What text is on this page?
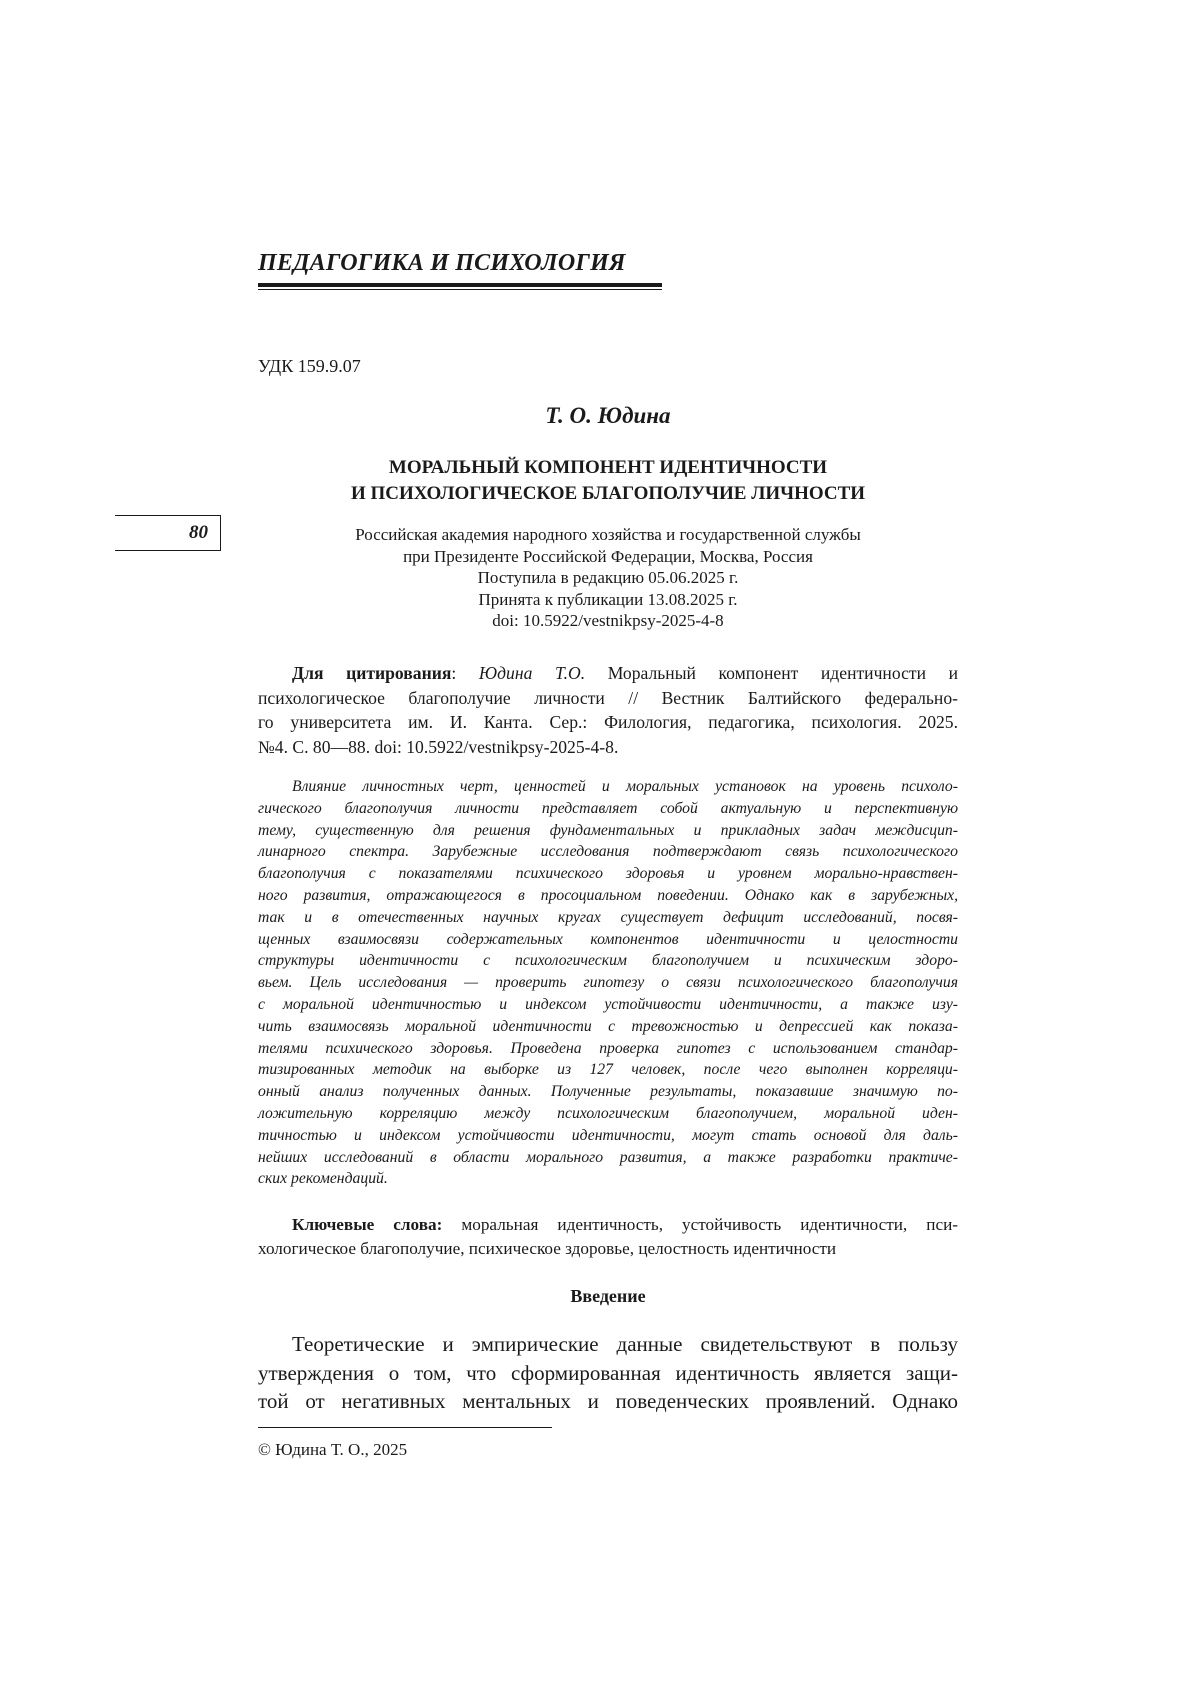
ПЕДАГОГИКА И ПСИХОЛОГИЯ
УДК 159.9.07
Т. О. Юдина
МОРАЛЬНЫЙ КОМПОНЕНТ ИДЕНТИЧНОСТИ
И ПСИХОЛОГИЧЕСКОЕ БЛАГОПОЛУЧИЕ ЛИЧНОСТИ
80	Российская академия народного хозяйства и государственной службы
при Президенте Российской Федерации, Москва, Россия
Поступила в редакцию 05.06.2025 г.
Принята к публикации 13.08.2025 г.
doi: 10.5922/vestnikpsy-2025-4-8
Для цитирования: Юдина Т.О. Моральный компонент идентичности и
психологическое благополучие личности // Вестник Балтийского федерально-
го университета им. И. Канта. Сер.: Филология, педагогика, психология. 2025.
№4. С. 80—88. doi: 10.5922/vestnikpsy-2025-4-8.
Влияние личностных черт, ценностей и моральных установок на уровень психоло-
гического благополучия личности представляет собой актуальную и перспективную
тему, существенную для решения фундаментальных и прикладных задач междисцип-
линарного спектра. Зарубежные исследования подтверждают связь психологического
благополучия с показателями психического здоровья и уровнем морально-нравствен-
ного развития, отражающегося в просоциальном поведении. Однако как в зарубежных,
так и в отечественных научных кругах существует дефицит исследований, посвя-
щенных взаимосвязи содержательных компонентов идентичности и целостности
структуры идентичности с психологическим благополучием и психическим здоро-
вьем. Цель исследования — проверить гипотезу о связи психологического благополучия
с моральной идентичностью и индексом устойчивости идентичности, а также изу-
чить взаимосвязь моральной идентичности с тревожностью и депрессией как показа-
телями психического здоровья. Проведена проверка гипотез с использованием стандар-
тизированных методик на выборке из 127 человек, после чего выполнен корреляци-
онный анализ полученных данных. Полученные результаты, показавшие значимую по-
ложительную корреляцию между психологическим благополучием, моральной иден-
тичностью и индексом устойчивости идентичности, могут стать основой для даль-
нейших исследований в области морального развития, а также разработки практиче-
ских рекомендаций.
Ключевые слова: моральная идентичность, устойчивость идентичности, пси-
хологическое благополучие, психическое здоровье, целостность идентичности
Введение
Теоретические и эмпирические данные свидетельствуют в пользу
утверждения о том, что сформированная идентичность является защи-
той от негативных ментальных и поведенческих проявлений. Однако
© Юдина Т. О., 2025
